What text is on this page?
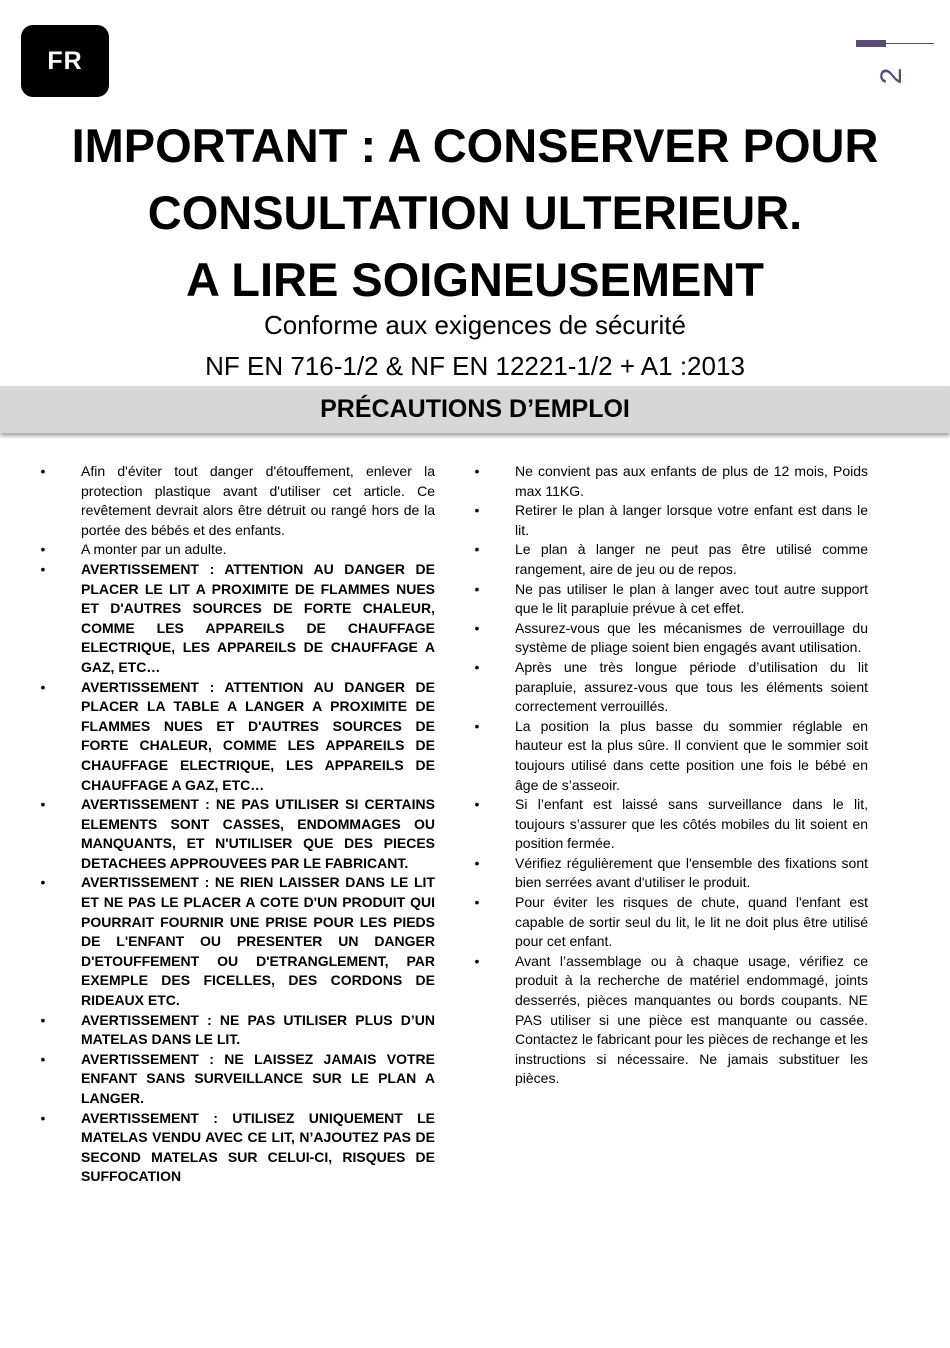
FR
2
IMPORTANT : A CONSERVER POUR
CONSULTATION ULTERIEUR.
A LIRE SOIGNEUSEMENT

Conforme aux exigences de sécurité

NF EN 716-1/2 & NF EN 12221-1/2 + A1 :2013

PRÉCAUTIONS D’EMPLOI
•	Afin d'éviter tout danger d'étouffement, enlever la protection plastique avant d'utiliser cet article. Ce revêtement devrait alors être détruit ou rangé hors de la portée des bébés et des enfants.
•	A monter par un adulte.
•	AVERTISSEMENT : ATTENTION AU DANGER DE PLACER LE LIT A PROXIMITE DE FLAMMES NUES ET D'AUTRES SOURCES DE FORTE CHALEUR, COMME LES APPAREILS DE CHAUFFAGE ELECTRIQUE, LES APPAREILS DE CHAUFFAGE A GAZ, ETC…
•	AVERTISSEMENT : ATTENTION AU DANGER DE PLACER LA TABLE A LANGER A PROXIMITE DE FLAMMES NUES ET D'AUTRES SOURCES DE FORTE CHALEUR, COMME LES APPAREILS DE CHAUFFAGE ELECTRIQUE, LES APPAREILS DE CHAUFFAGE A GAZ, ETC…
•	AVERTISSEMENT : NE PAS UTILISER SI CERTAINS ELEMENTS SONT CASSES, ENDOMMAGES OU MANQUANTS, ET N'UTILISER QUE DES PIECES DETACHEES APPROUVEES PAR LE FABRICANT.
•	AVERTISSEMENT : NE RIEN LAISSER DANS LE LIT ET NE PAS LE PLACER A COTE D'UN PRODUIT QUI POURRAIT FOURNIR UNE PRISE POUR LES PIEDS DE L'ENFANT OU PRESENTER UN DANGER D'ETOUFFEMENT OU D'ETRANGLEMENT, PAR EXEMPLE DES FICELLES, DES CORDONS DE RIDEAUX ETC.
•	AVERTISSEMENT : NE PAS UTILISER PLUS D’UN MATELAS DANS LE LIT.
•	AVERTISSEMENT : NE LAISSEZ JAMAIS VOTRE ENFANT SANS SURVEILLANCE SUR LE PLAN A LANGER.
•	AVERTISSEMENT : UTILISEZ UNIQUEMENT LE MATELAS VENDU AVEC CE LIT, N’AJOUTEZ PAS DE SECOND MATELAS SUR CELUI-CI, RISQUES DE SUFFOCATION
•	Ne convient pas aux enfants de plus de 12 mois, Poids max 11KG.
•	Retirer le plan à langer lorsque votre enfant est dans le lit.
•	Le plan à langer ne peut pas être utilisé comme rangement, aire de jeu ou de repos.
•	Ne pas utiliser le plan à langer avec tout autre support que le lit parapluie prévue à cet effet.
•	Assurez-vous que les mécanismes de verrouillage du système de pliage soient bien engagés avant utilisation.
•	Après une très longue période d’utilisation du lit parapluie, assurez-vous que tous les éléments soient correctement verrouillés.
•	La position la plus basse du sommier réglable en hauteur est la plus sûre. Il convient que le sommier soit toujours utilisé dans cette position une fois le bébé en âge de s’asseoir.
•	Si l’enfant est laissé sans surveillance dans le lit, toujours s’assurer que les côtés mobiles du lit soient en position fermée.
•	Vérifiez régulièrement que l'ensemble des fixations sont bien serrées avant d'utiliser le produit.
•	Pour éviter les risques de chute, quand l'enfant est capable de sortir seul du lit, le lit ne doit plus être utilisé pour cet enfant.
•	Avant l’assemblage ou à chaque usage, vérifiez ce produit à la recherche de matériel endommagé, joints desserrés, pièces manquantes ou bords coupants. NE PAS utiliser si une pièce est manquante ou cassée. Contactez le fabricant pour les pièces de rechange et les instructions si nécessaire. Ne jamais substituer les pièces.
